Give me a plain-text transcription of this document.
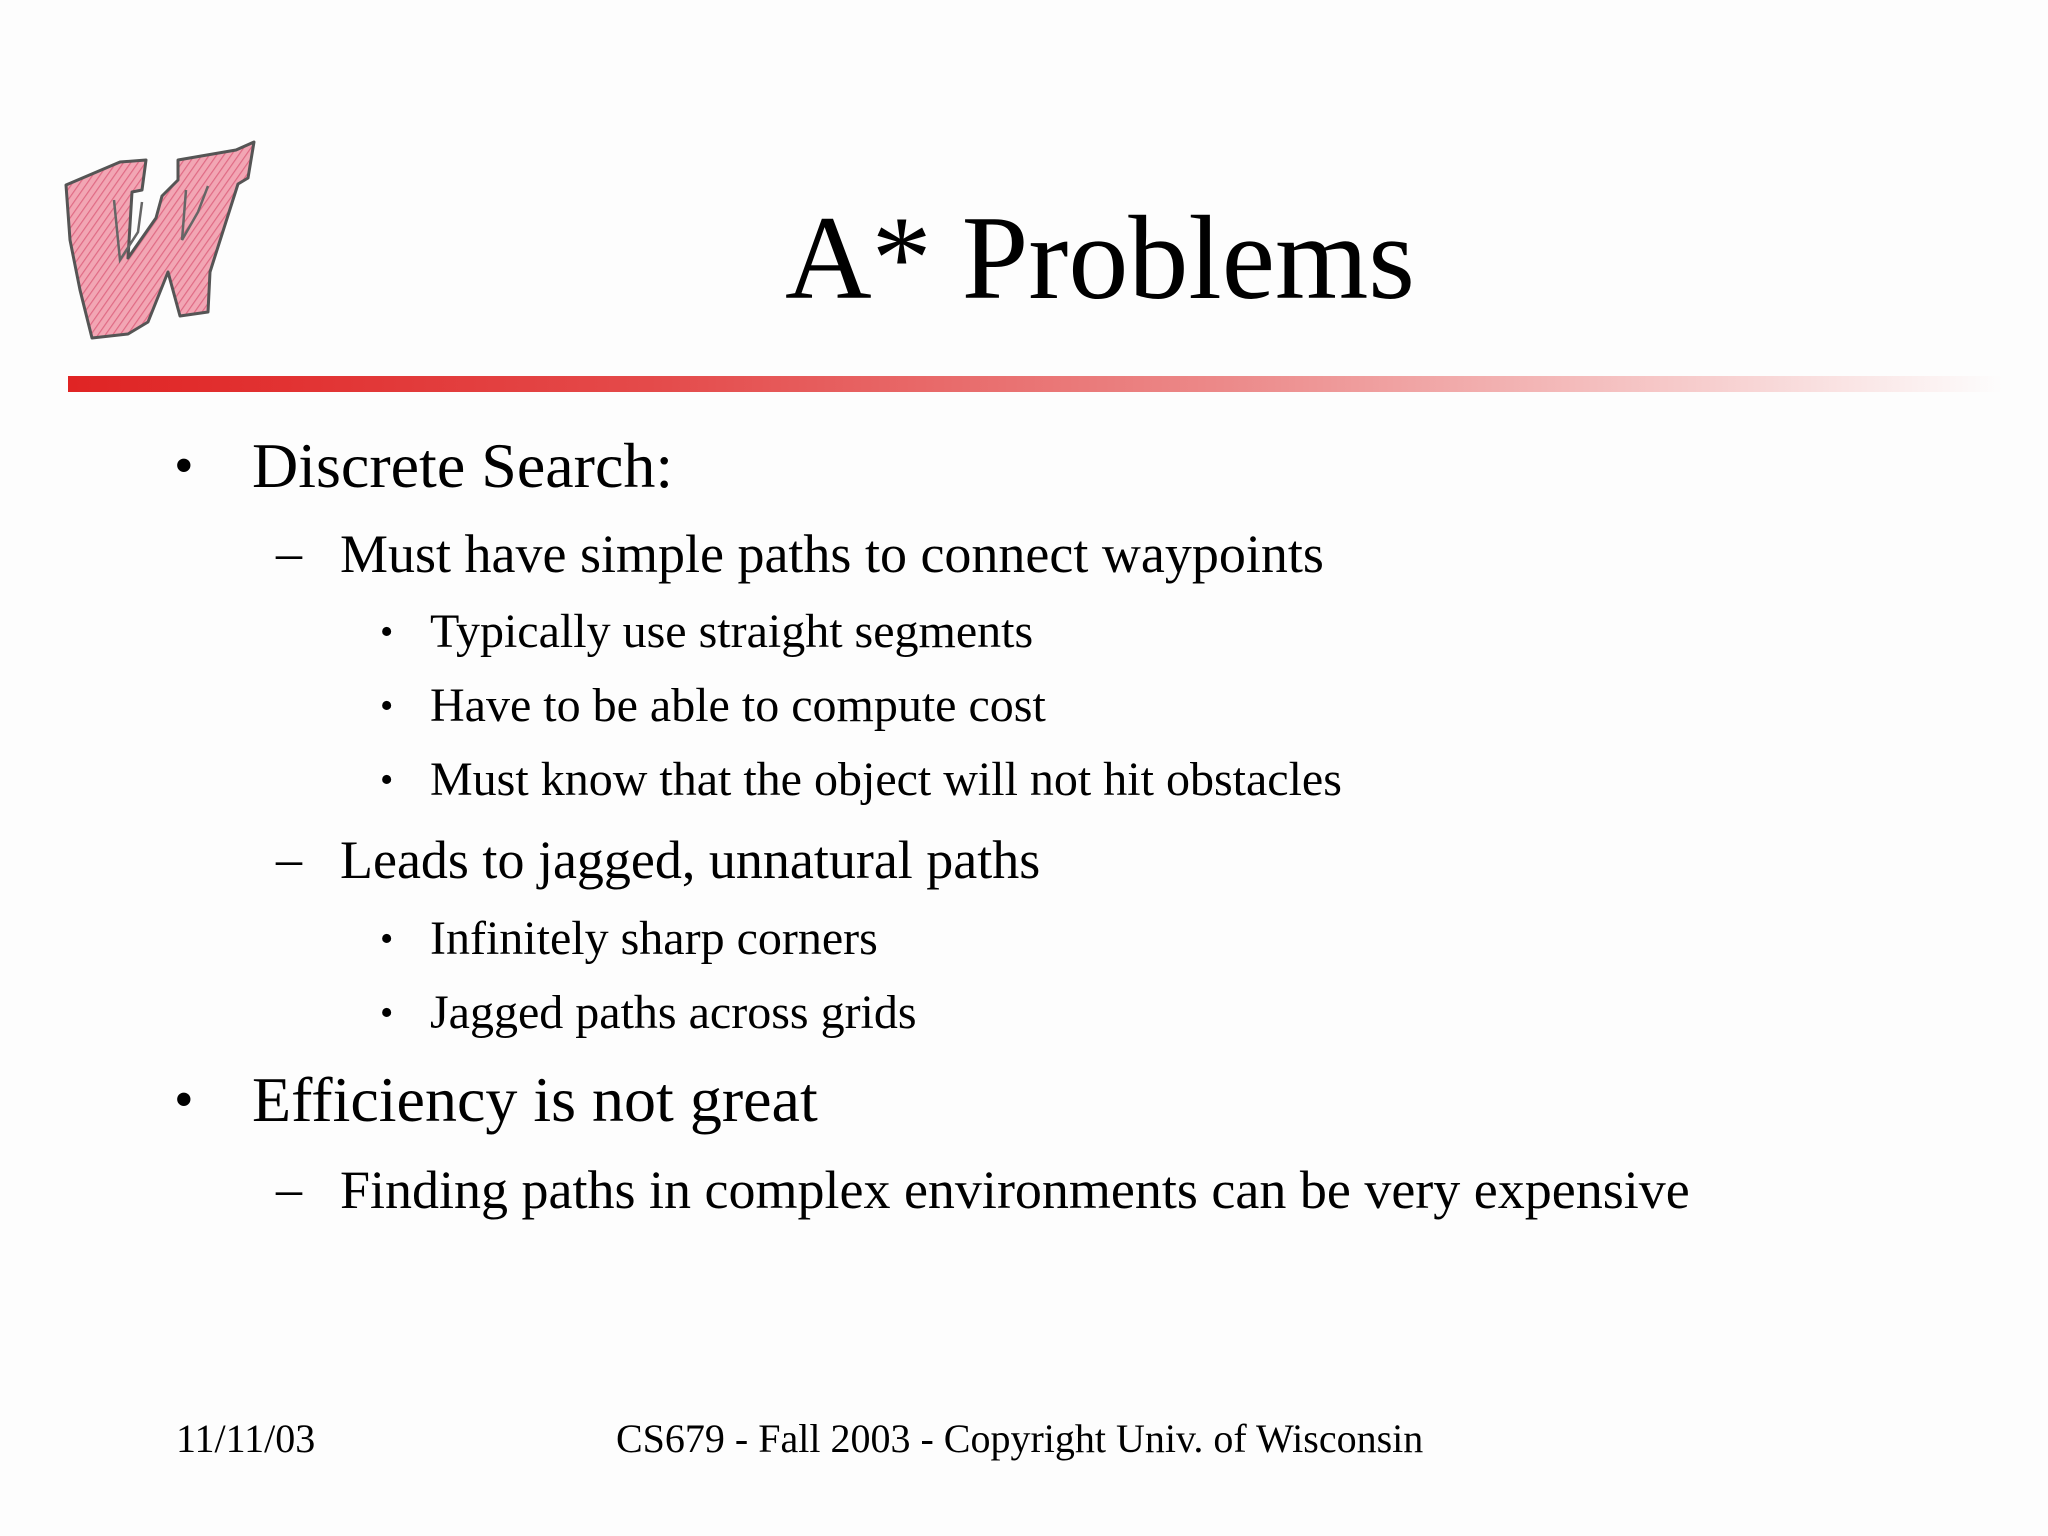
A* Problems
• Discrete Search:
– Must have simple paths to connect waypoints
• Typically use straight segments
• Have to be able to compute cost
• Must know that the object will not hit obstacles
– Leads to jagged, unnatural paths
• Infinitely sharp corners
• Jagged paths across grids
• Efficiency is not great
– Finding paths in complex environments can be very expensive
11/11/03	CS679 - Fall 2003 - Copyright Univ. of Wisconsin
